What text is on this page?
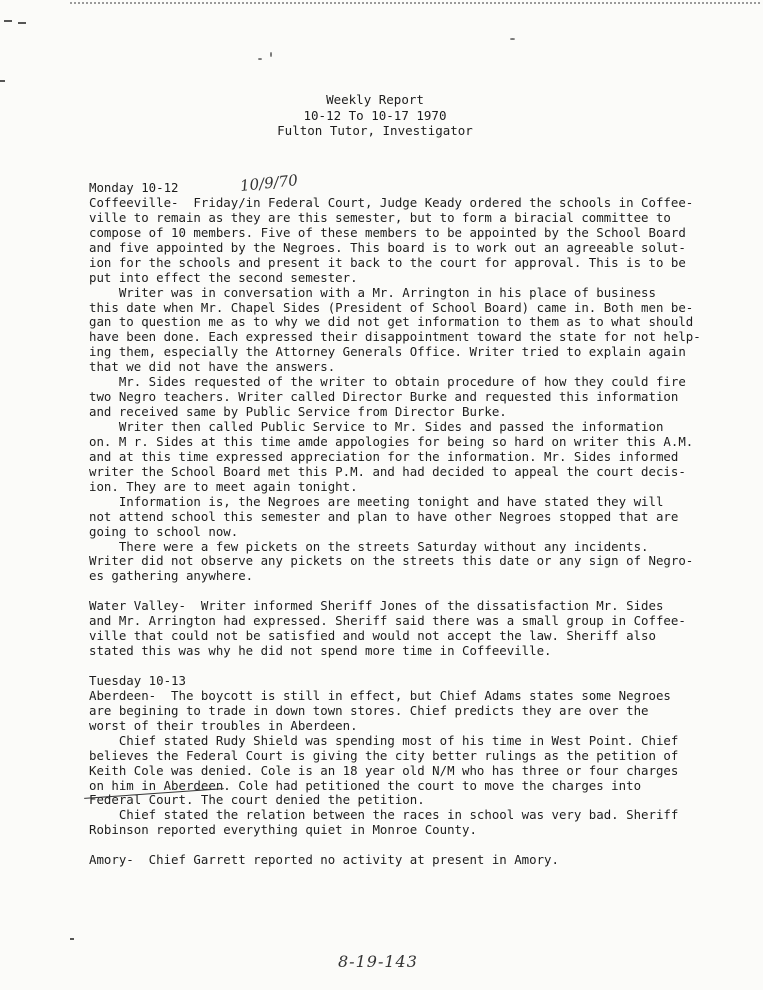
Weekly Report
10-12 To 10-17 1970
Fulton Tutor, Investigator
10/9/70
Monday 10-12
Coffeeville-  Friday/in Federal Court, Judge Keady ordered the schools in Coffee-
ville to remain as they are this semester, but to form a biracial committee to
compose of 10 members. Five of these members to be appointed by the School Board
and five appointed by the Negroes. This board is to work out an agreeable solut-
ion for the schools and present it back to the court for approval. This is to be
put into effect the second semester.
Writer was in conversation with a Mr. Arrington in his place of business
this date when Mr. Chapel Sides (President of School Board) came in. Both men be-
gan to question me as to why we did not get information to them as to what should
have been done. Each expressed their disappointment toward the state for not help-
ing them, especially the Attorney Generals Office. Writer tried to explain again
that we did not have the answers.
Mr. Sides requested of the writer to obtain procedure of how they could fire
two Negro teachers. Writer called Director Burke and requested this information
and received same by Public Service from Director Burke.
Writer then called Public Service to Mr. Sides and passed the information
on. M r. Sides at this time amde appologies for being so hard on writer this A.M.
and at this time expressed appreciation for the information. Mr. Sides informed
writer the School Board met this P.M. and had decided to appeal the court decis-
ion. They are to meet again tonight.
Information is, the Negroes are meeting tonight and have stated they will
not attend school this semester and plan to have other Negroes stopped that are
going to school now.
There were a few pickets on the streets Saturday without any incidents.
Writer did not observe any pickets on the streets this date or any sign of Negro-
es gathering anywhere.
Water Valley-  Writer informed Sheriff Jones of the dissatisfaction Mr. Sides
and Mr. Arrington had expressed. Sheriff said there was a small group in Coffee-
ville that could not be satisfied and would not accept the law. Sheriff also
stated this was why he did not spend more time in Coffeeville.
Tuesday 10-13
Aberdeen-  The boycott is still in effect, but Chief Adams states some Negroes
are begining to trade in down town stores. Chief predicts they are over the
worst of their troubles in Aberdeen.
Chief stated Rudy Shield was spending most of his time in West Point. Chief
believes the Federal Court is giving the city better rulings as the petition of
Keith Cole was denied. Cole is an 18 year old N/M who has three or four charges
on him in Aberdeen. Cole had petitioned the court to move the charges into
Federal Court. The court denied the petition.
Chief stated the relation between the races in school was very bad. Sheriff
Robinson reported everything quiet in Monroe County.
Amory-  Chief Garrett reported no activity at present in Amory.
8-19-143
